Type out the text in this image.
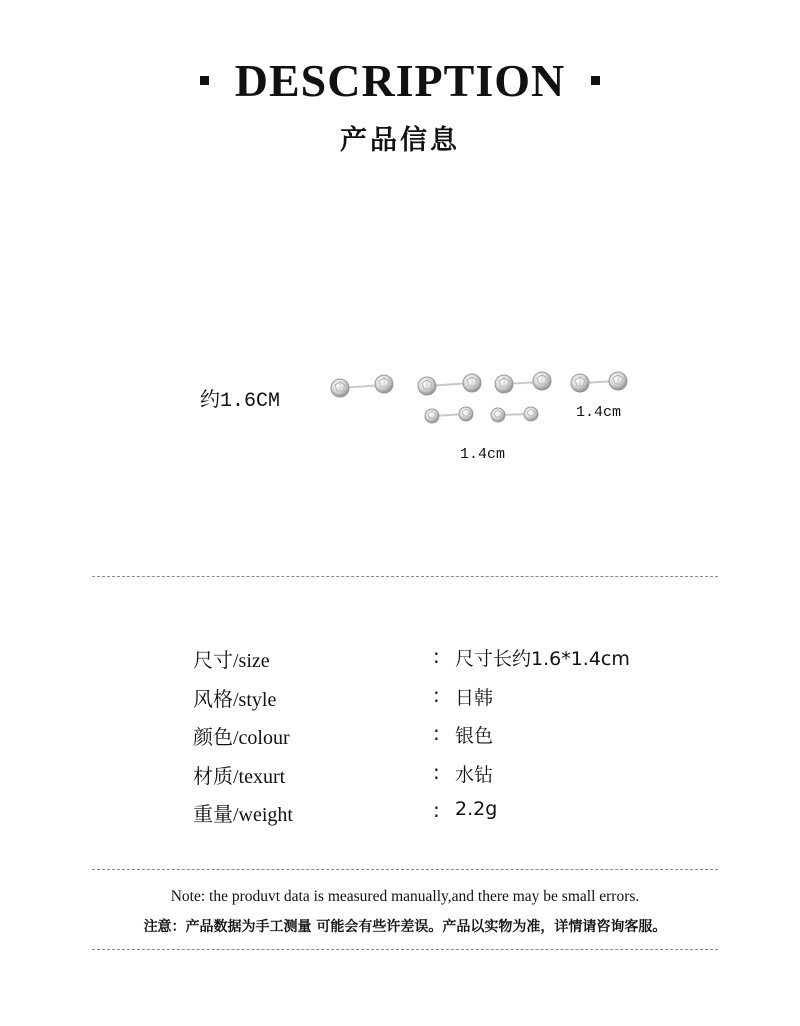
DESCRIPTION
产品信息
约1.6CM	1.4cm
1.4cm
尺寸/size	: 尺寸长约1.6*1.4cm
风格/style	: 日韩
颜色/colour	: 银色
材质/texurt	: 水钻
重量/weight	: 2.2g
Note: the produvt data is measured manually,and there may be small errors.
注意：产品数据为手工测量 可能会有些许差误。产品以实物为准，详情请咨询客服。
